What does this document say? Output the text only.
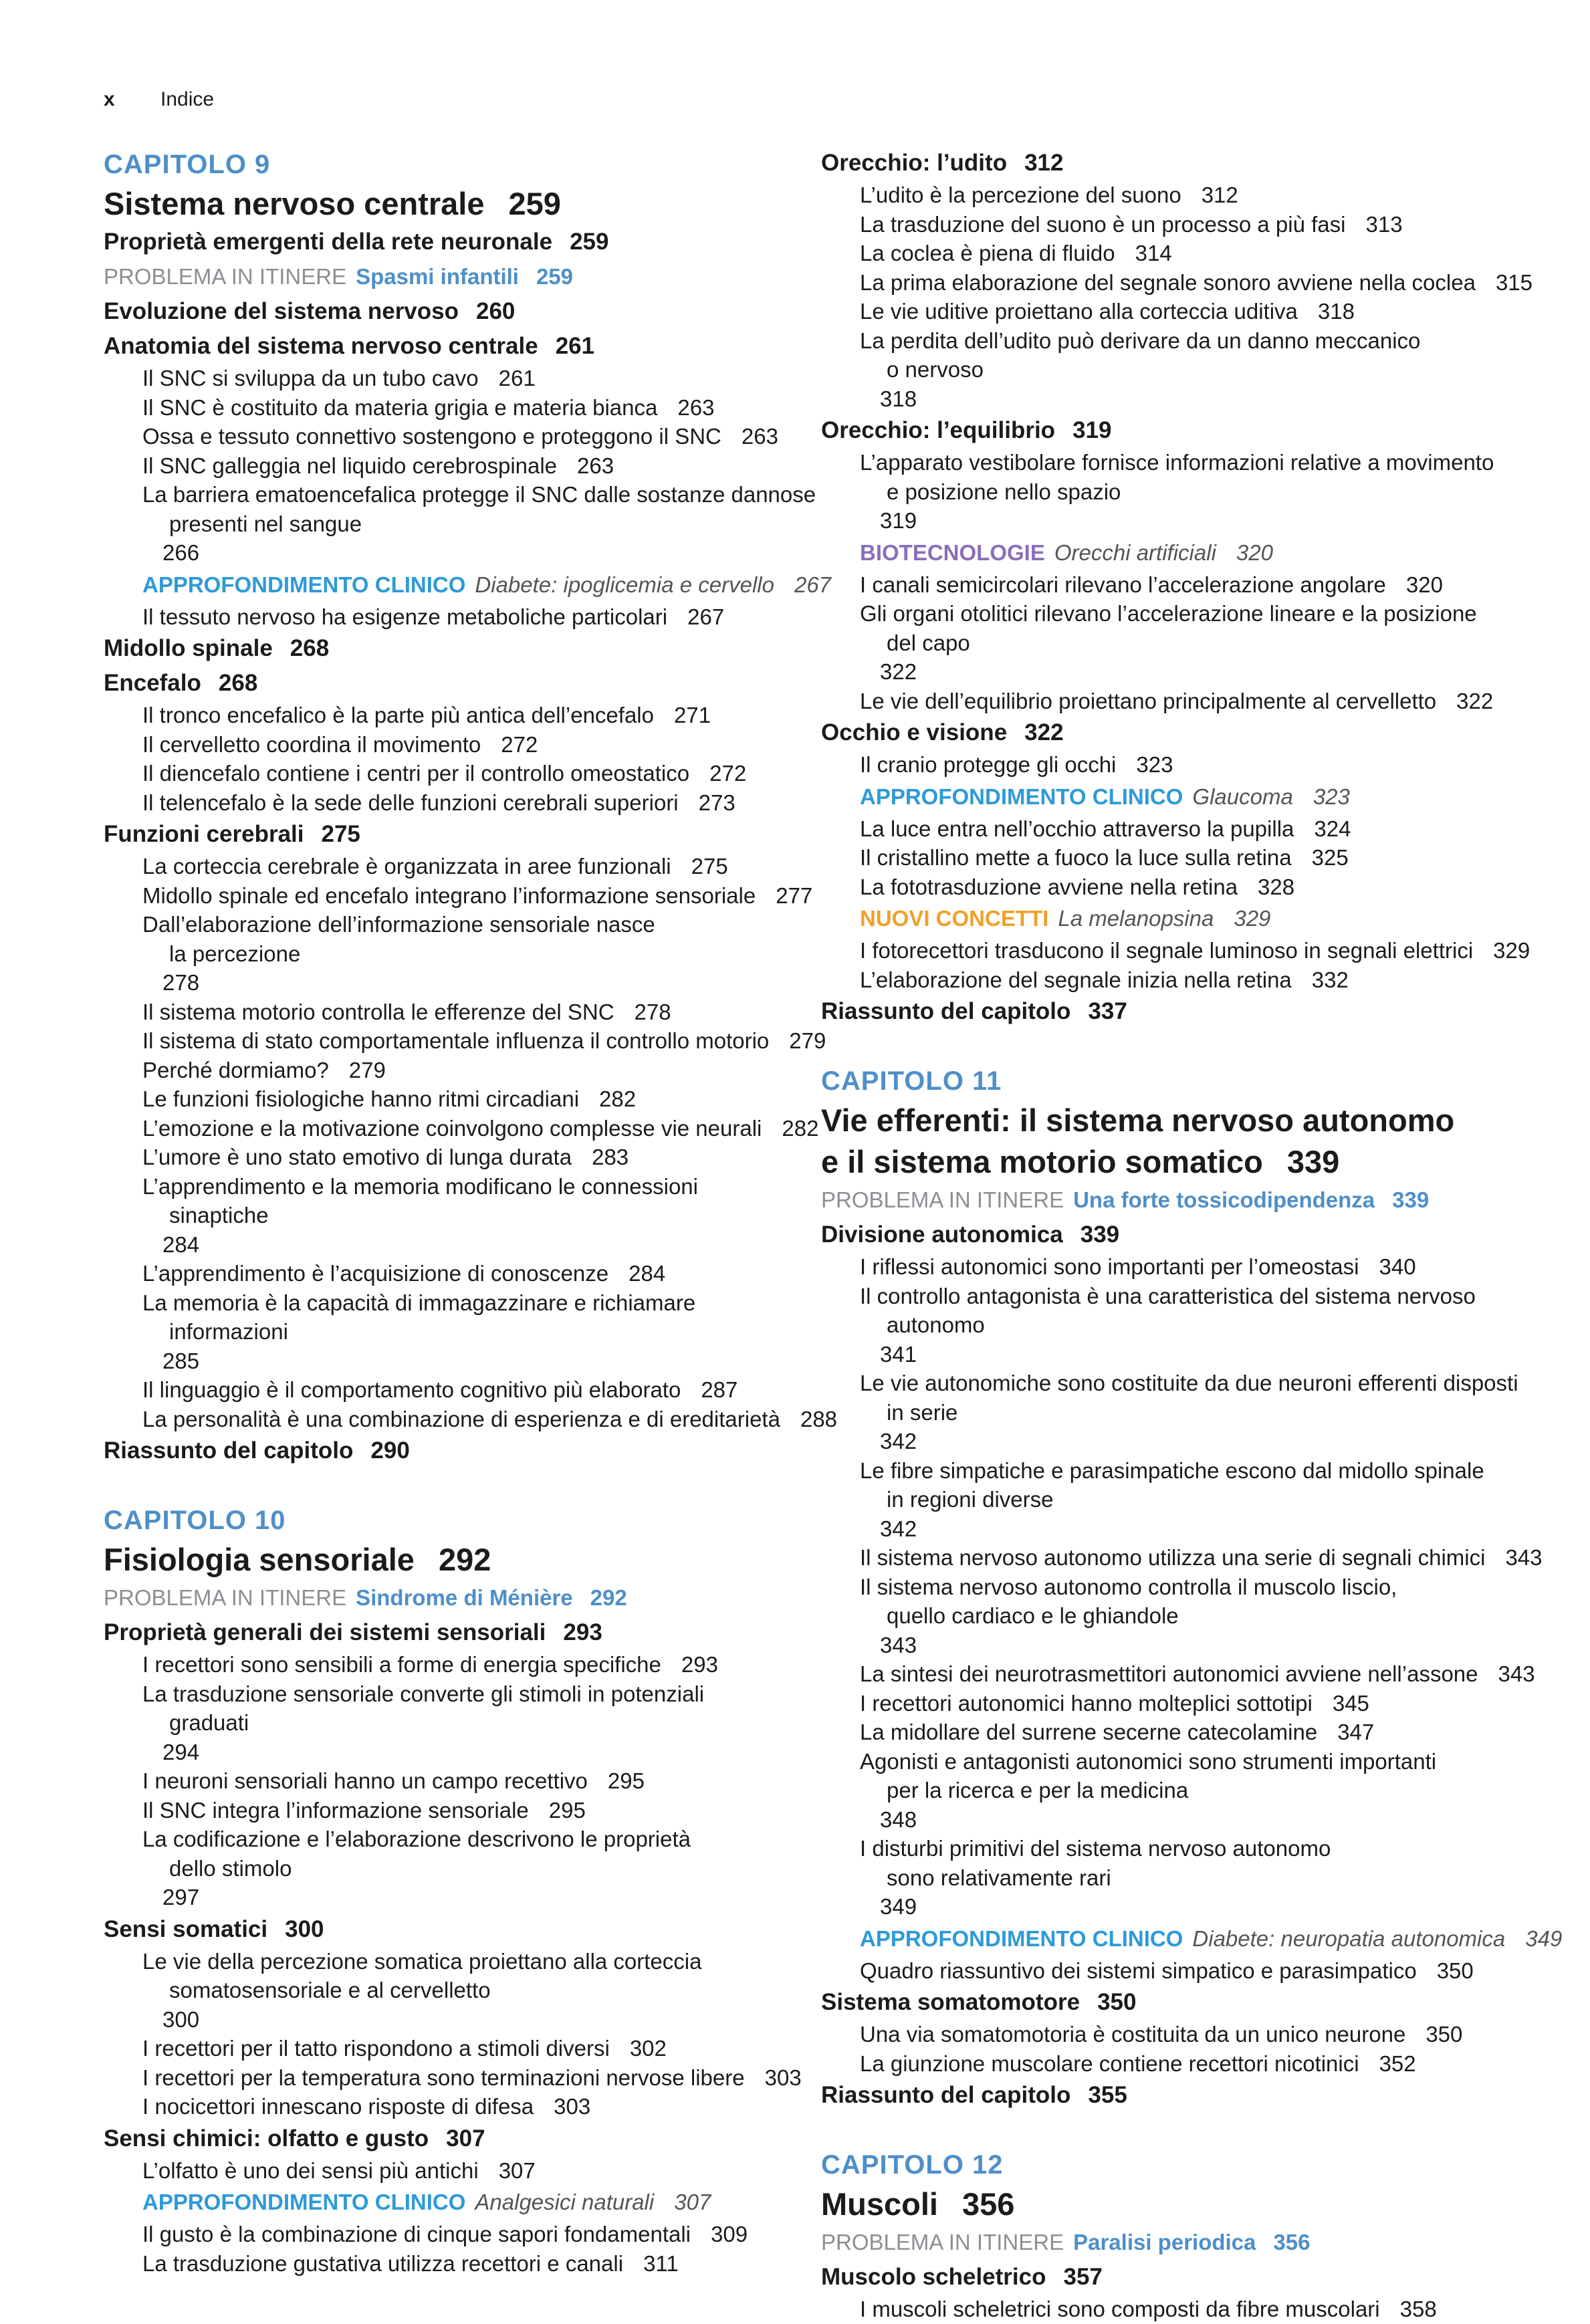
x Indice
CAPITOLO 9
Sistema nervoso centrale 259
Proprietà emergenti della rete neuronale 259
PROBLEMA IN ITINERE Spasmi infantili 259
Evoluzione del sistema nervoso 260
Anatomia del sistema nervoso centrale 261
Il SNC si sviluppa da un tubo cavo 261
Il SNC è costituito da materia grigia e materia bianca 263
Ossa e tessuto connettivo sostengono e proteggono il SNC 263
Il SNC galleggia nel liquido cerebrospinale 263
La barriera ematoencefalica protegge il SNC dalle sostanze dannose
presenti nel sangue
266
APPROFONDIMENTO CLINICO Diabete: ipoglicemia e cervello 267
Il tessuto nervoso ha esigenze metaboliche particolari 267
Midollo spinale 268
Encefalo 268
Il tronco encefalico è la parte più antica dell’encefalo 271
Il cervelletto coordina il movimento 272
Il diencefalo contiene i centri per il controllo omeostatico 272
Il telencefalo è la sede delle funzioni cerebrali superiori 273
Funzioni cerebrali 275
La corteccia cerebrale è organizzata in aree funzionali 275
Midollo spinale ed encefalo integrano l’informazione sensoriale 277
Dall’elaborazione dell’informazione sensoriale nasce
la percezione
278
Il sistema motorio controlla le efferenze del SNC 278
Il sistema di stato comportamentale influenza il controllo motorio 279
Perché dormiamo? 279
Le funzioni fisiologiche hanno ritmi circadiani 282
L’emozione e la motivazione coinvolgono complesse vie neurali 282
L’umore è uno stato emotivo di lunga durata 283
L’apprendimento e la memoria modificano le connessioni
sinaptiche
284
L’apprendimento è l’acquisizione di conoscenze 284
La memoria è la capacità di immagazzinare e richiamare
informazioni
285
Il linguaggio è il comportamento cognitivo più elaborato 287
La personalità è una combinazione di esperienza e di ereditarietà 288
Riassunto del capitolo 290
CAPITOLO 10
Fisiologia sensoriale 292
PROBLEMA IN ITINERE Sindrome di Ménière 292
Proprietà generali dei sistemi sensoriali 293
I recettori sono sensibili a forme di energia specifiche 293
La trasduzione sensoriale converte gli stimoli in potenziali
graduati
294
I neuroni sensoriali hanno un campo recettivo 295
Il SNC integra l’informazione sensoriale 295
La codificazione e l’elaborazione descrivono le proprietà
dello stimolo
297
Sensi somatici 300
Le vie della percezione somatica proiettano alla corteccia
somatosensoriale e al cervelletto
300
I recettori per il tatto rispondono a stimoli diversi 302
I recettori per la temperatura sono terminazioni nervose libere 303
I nocicettori innescano risposte di difesa 303
Sensi chimici: olfatto e gusto 307
L’olfatto è uno dei sensi più antichi 307
APPROFONDIMENTO CLINICO Analgesici naturali 307
Il gusto è la combinazione di cinque sapori fondamentali 309
La trasduzione gustativa utilizza recettori e canali 311
Orecchio: l’udito 312
L’udito è la percezione del suono 312
La trasduzione del suono è un processo a più fasi 313
La coclea è piena di fluido 314
La prima elaborazione del segnale sonoro avviene nella coclea 315
Le vie uditive proiettano alla corteccia uditiva 318
La perdita dell’udito può derivare da un danno meccanico
o nervoso
318
Orecchio: l’equilibrio 319
L’apparato vestibolare fornisce informazioni relative a movimento
e posizione nello spazio
319
BIOTECNOLOGIE Orecchi artificiali 320
I canali semicircolari rilevano l’accelerazione angolare 320
Gli organi otolitici rilevano l’accelerazione lineare e la posizione
del capo
322
Le vie dell’equilibrio proiettano principalmente al cervelletto 322
Occhio e visione 322
Il cranio protegge gli occhi 323
APPROFONDIMENTO CLINICO Glaucoma 323
La luce entra nell’occhio attraverso la pupilla 324
Il cristallino mette a fuoco la luce sulla retina 325
La fototrasduzione avviene nella retina 328
NUOVI CONCETTI La melanopsina 329
I fotorecettori trasducono il segnale luminoso in segnali elettrici 329
L’elaborazione del segnale inizia nella retina 332
Riassunto del capitolo 337
CAPITOLO 11
Vie efferenti: il sistema nervoso autonomo
e il sistema motorio somatico 339
PROBLEMA IN ITINERE Una forte tossicodipendenza 339
Divisione autonomica 339
I riflessi autonomici sono importanti per l’omeostasi 340
Il controllo antagonista è una caratteristica del sistema nervoso
autonomo
341
Le vie autonomiche sono costituite da due neuroni efferenti disposti
in serie
342
Le fibre simpatiche e parasimpatiche escono dal midollo spinale
in regioni diverse
342
Il sistema nervoso autonomo utilizza una serie di segnali chimici 343
Il sistema nervoso autonomo controlla il muscolo liscio,
quello cardiaco e le ghiandole
343
La sintesi dei neurotrasmettitori autonomici avviene nell’assone 343
I recettori autonomici hanno molteplici sottotipi 345
La midollare del surrene secerne catecolamine 347
Agonisti e antagonisti autonomici sono strumenti importanti
per la ricerca e per la medicina
348
I disturbi primitivi del sistema nervoso autonomo
sono relativamente rari
349
APPROFONDIMENTO CLINICO Diabete: neuropatia autonomica 349
Quadro riassuntivo dei sistemi simpatico e parasimpatico 350
Sistema somatomotore 350
Una via somatomotoria è costituita da un unico neurone 350
La giunzione muscolare contiene recettori nicotinici 352
Riassunto del capitolo 355
CAPITOLO 12
Muscoli 356
PROBLEMA IN ITINERE Paralisi periodica 356
Muscolo scheletrico 357
I muscoli scheletrici sono composti da fibre muscolari 358
